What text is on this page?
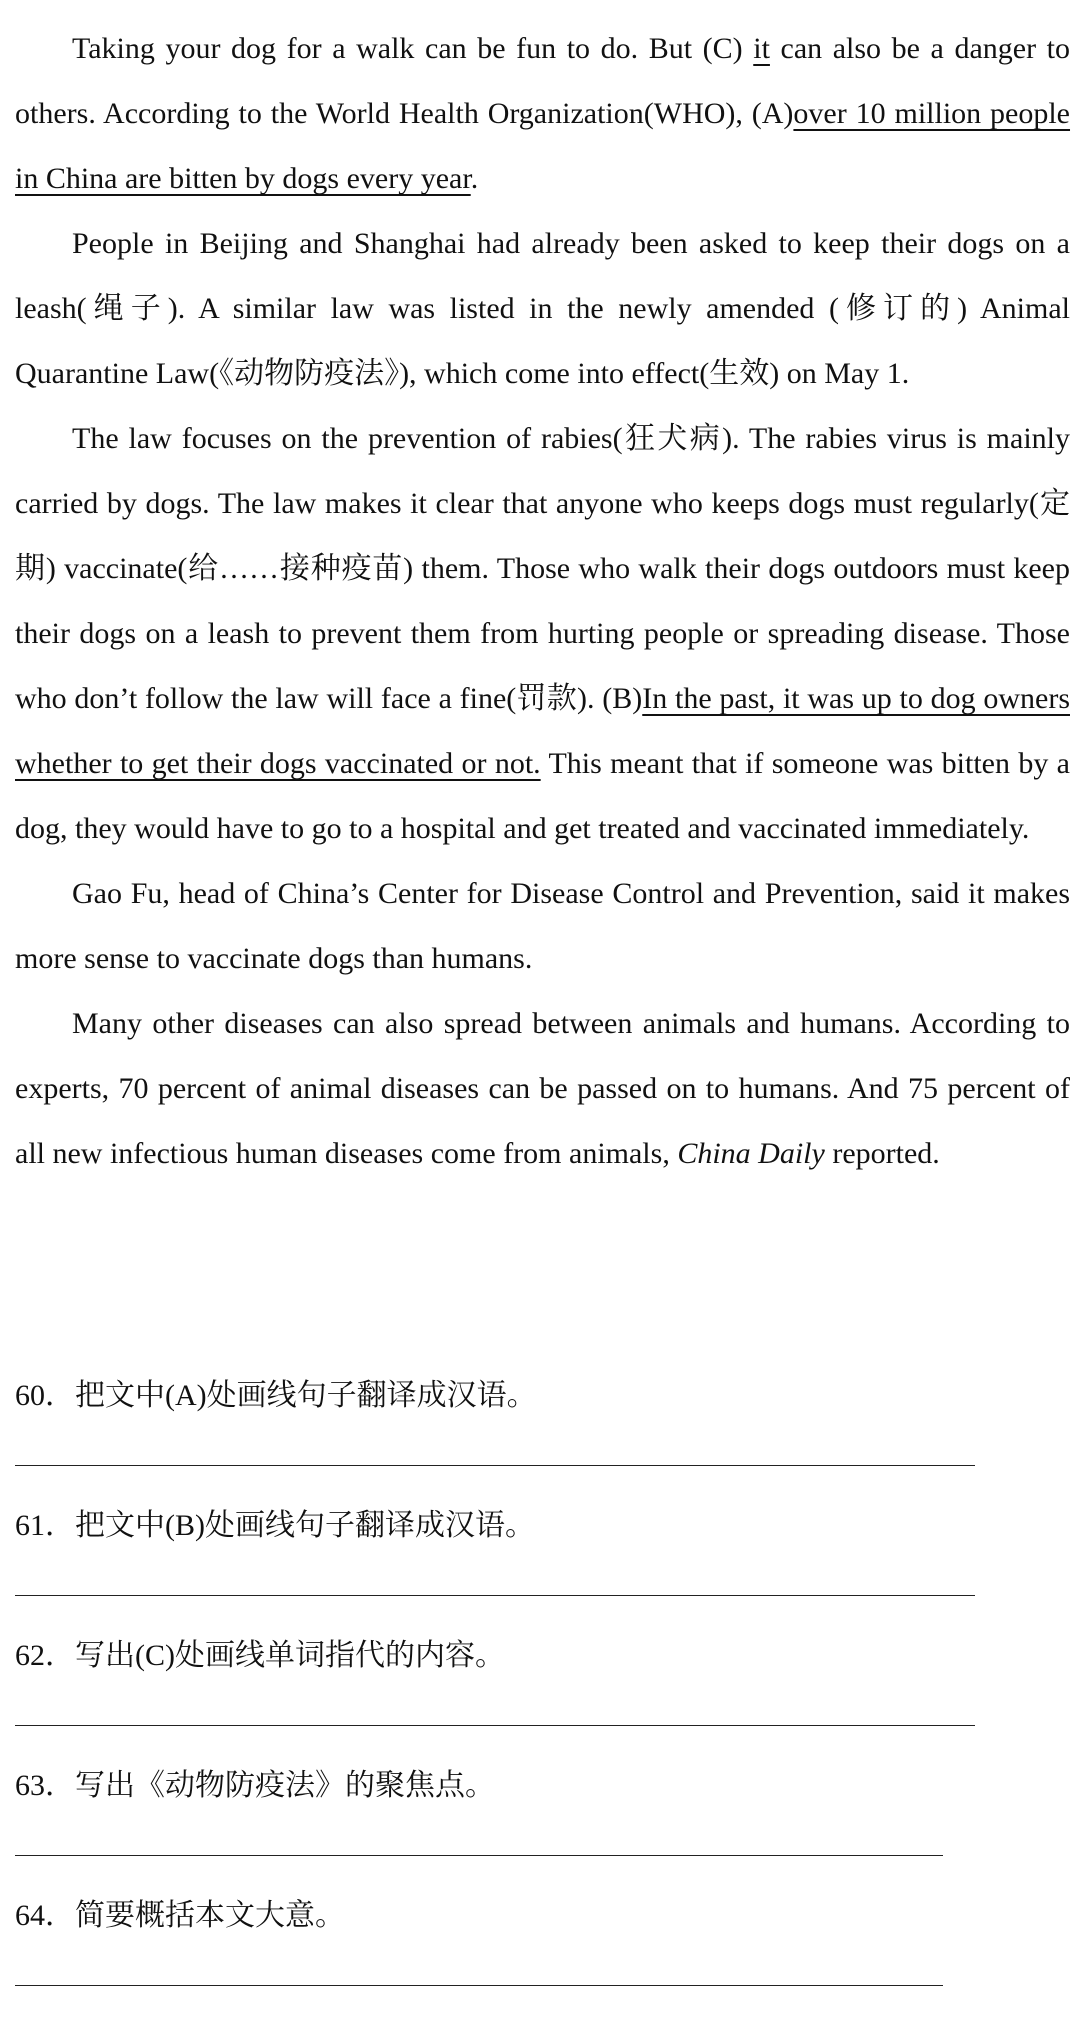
Taking your dog for a walk can be fun to do. But (C) it can also be a danger to others. According to the World Health Organization(WHO), (A)over 10 million people in China are bitten by dogs every year.

People in Beijing and Shanghai had already been asked to keep their dogs on a leash(绳子). A similar law was listed in the newly amended (修订的) Animal Quarantine Law(《动物防疫法》), which come into effect(生效) on May 1.

The law focuses on the prevention of rabies(狂犬病). The rabies virus is mainly carried by dogs. The law makes it clear that anyone who keeps dogs must regularly(定期) vaccinate(给……接种疫苗) them. Those who walk their dogs outdoors must keep their dogs on a leash to prevent them from hurting people or spreading disease. Those who don’t follow the law will face a fine(罚款). (B)In the past, it was up to dog owners whether to get their dogs vaccinated or not. This meant that if someone was bitten by a dog, they would have to go to a hospital and get treated and vaccinated immediately.

Gao Fu, head of China’s Center for Disease Control and Prevention, said it makes more sense to vaccinate dogs than humans.

Many other diseases can also spread between animals and humans. According to experts, 70 percent of animal diseases can be passed on to humans. And 75 percent of all new infectious human diseases come from animals, China Daily reported.

60．把文中(A)处画线句子翻译成汉语。

61．把文中(B)处画线句子翻译成汉语。

62．写出(C)处画线单词指代的内容。

63．写出《动物防疫法》的聚焦点。

64．简要概括本文大意。
